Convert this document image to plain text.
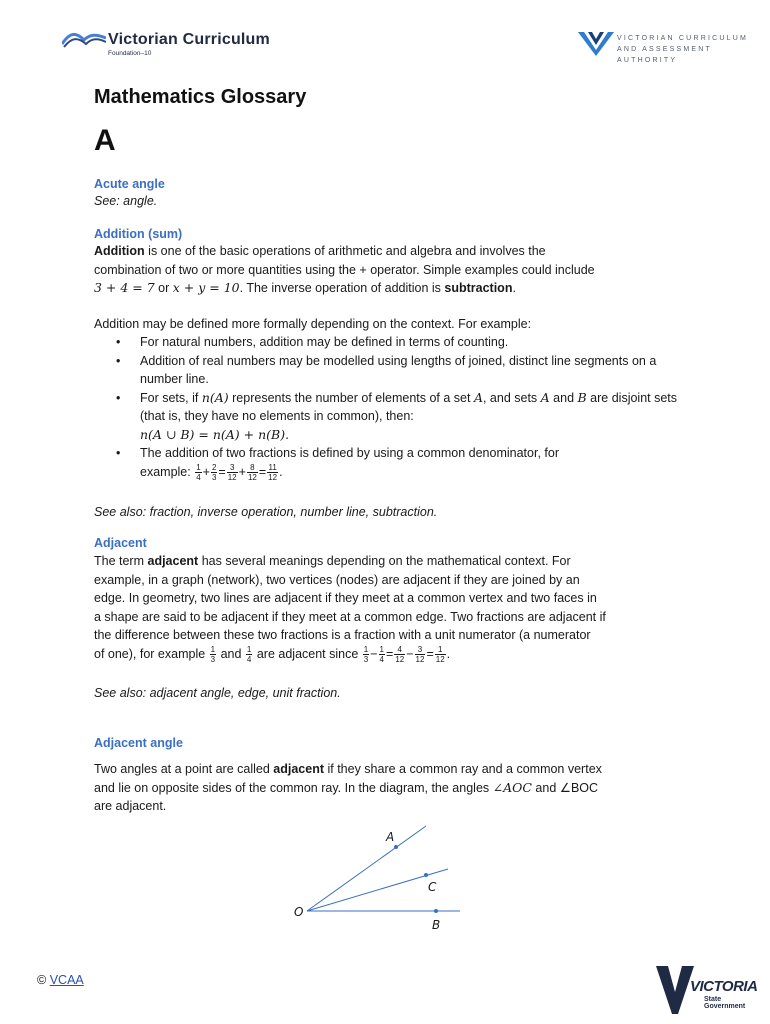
Victorian Curriculum
Foundation–10
VICTORIAN CURRICULUM
AND ASSESSMENT AUTHORITY
Mathematics Glossary
A
Acute angle
See: angle.
Addition (sum)
Addition is one of the basic operations of arithmetic and algebra and involves the
combination of two or more quantities using the + operator. Simple examples could include
3 + 4 = 7 or x + y = 10. The inverse operation of addition is subtraction.
Addition may be defined more formally depending on the context. For example:
• For natural numbers, addition may be defined in terms of counting.
• Addition of real numbers may be modelled using lengths of joined, distinct line segments on a number line.
• For sets, if n(A) represents the number of elements of a set A, and sets A and B are disjoint sets (that is, they have no elements in common), then:
n(A ∪ B) = n(A) + n(B).
• The addition of two fractions is defined by using a common denominator, for
example: $\frac{1}{4} + \frac{2}{3} = \frac{3}{12} + \frac{8}{12} = \frac{11}{12}$ .
See also: fraction, inverse operation, number line, subtraction.
Adjacent
The term adjacent has several meanings depending on the mathematical context. For
example, in a graph (network), two vertices (nodes) are adjacent if they are joined by an
edge. In geometry, two lines are adjacent if they meet at a common vertex and two faces in
a shape are said to be adjacent if they meet at a common edge. Two fractions are adjacent if
the difference between these two fractions is a fraction with a unit numerator (a numerator
of one), for example $\frac{1}{3}$ and $\frac{1}{4}$ are adjacent since $\frac{1}{3} - \frac{1}{4} = \frac{4}{12} - \frac{3}{12} = \frac{1}{12}$ .
See also: adjacent angle, edge, unit fraction.
Adjacent angle
Two angles at a point are called adjacent if they share a common ray and a common vertex
and lie on opposite sides of the common ray. In the diagram, the angles ∠AOC and ∠BOC
are adjacent.
A
C
O
B
© VCAA	VICTORIA
State
Government
